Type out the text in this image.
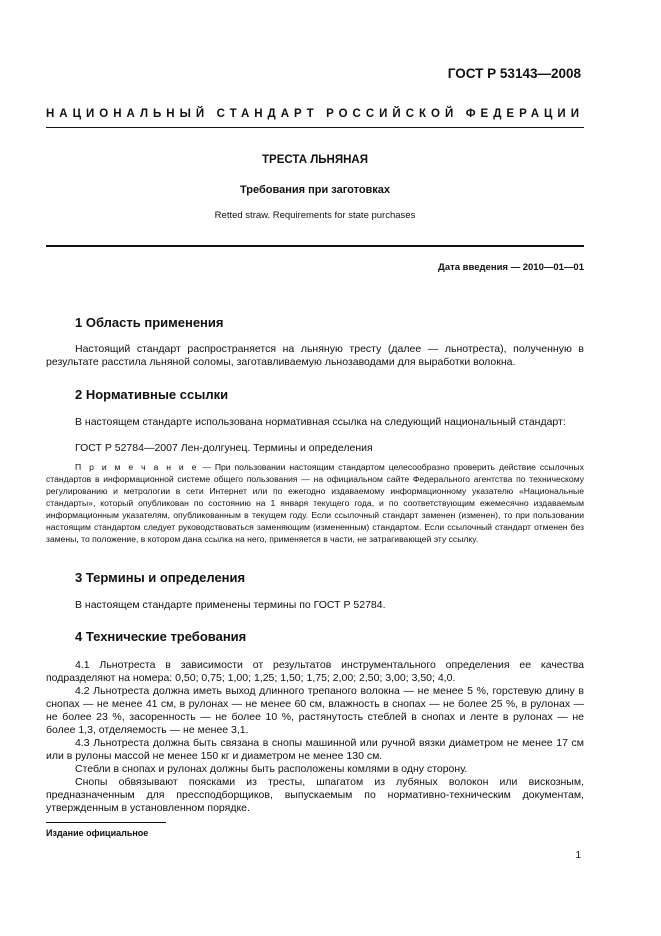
ГОСТ Р 53143—2008
НАЦИОНАЛЬНЫЙ СТАНДАРТ РОССИЙСКОЙ ФЕДЕРАЦИИ
ТРЕСТА ЛЬНЯНАЯ
Требования при заготовках
Retted straw. Requirements for state purchases
Дата введения — 2010—01—01
1 Область применения

Настоящий стандарт распространяется на льняную тресту (далее — льнотреста), полученную в результате расстила льняной соломы, заготавливаемую льнозаводами для выработки волокна.

2 Нормативные ссылки

В настоящем стандарте использована нормативная ссылка на следующий национальный стандарт:

ГОСТ Р 52784—2007 Лен-долгунец. Термины и определения

П р и м е ч а н и е — При пользовании настоящим стандартом целесообразно проверить действие ссылочных стандартов в информационной системе общего пользования — на официальном сайте Федерального агентства по техническому регулированию и метрологии в сети Интернет или по ежегодно издаваемому информационному указателю «Национальные стандарты», который опубликован по состоянию на 1 января текущего года, и по соответствующим ежемесячно издаваемым информационным указателям, опубликованным в текущем году. Если ссылочный стандарт заменен (изменен), то при пользовании настоящим стандартом следует руководствоваться заменяющим (измененным) стандартом. Если ссылочный стандарт отменен без замены, то положение, в котором дана ссылка на него, применяется в части, не затрагивающей эту ссылку.

3 Термины и определения

В настоящем стандарте применены термины по ГОСТ Р 52784.

4 Технические требования

4.1 Льнотреста в зависимости от результатов инструментального определения ее качества подразделяют на номера: 0,50; 0,75; 1,00; 1,25; 1,50; 1,75; 2,00; 2,50; 3,00; 3,50; 4,0.

4.2 Льнотреста должна иметь выход длинного трепаного волокна — не менее 5 %, горстевую длину в снопах — не менее 41 см, в рулонах — не менее 60 см, влажность в снопах — не более 25 %, в рулонах — не более 23 %, засоренность — не более 10 %, растянутость стеблей в снопах и ленте в рулонах — не более 1,3, отделяемость — не менее 3,1.

4.3 Льнотреста должна быть связана в снопы машинной или ручной вязки диаметром не менее 17 см или в рулоны массой не менее 150 кг и диаметром не менее 130 см.

Стебли в снопах и рулонах должны быть расположены комлями в одну сторону.

Снопы обвязывают поясками из тресты, шпагатом из лубяных волокон или вискозным, предназначенным для прессподборщиков, выпускаемым по нормативно-техническим документам, утвержденным в установленном порядке.

Издание официальное
1
